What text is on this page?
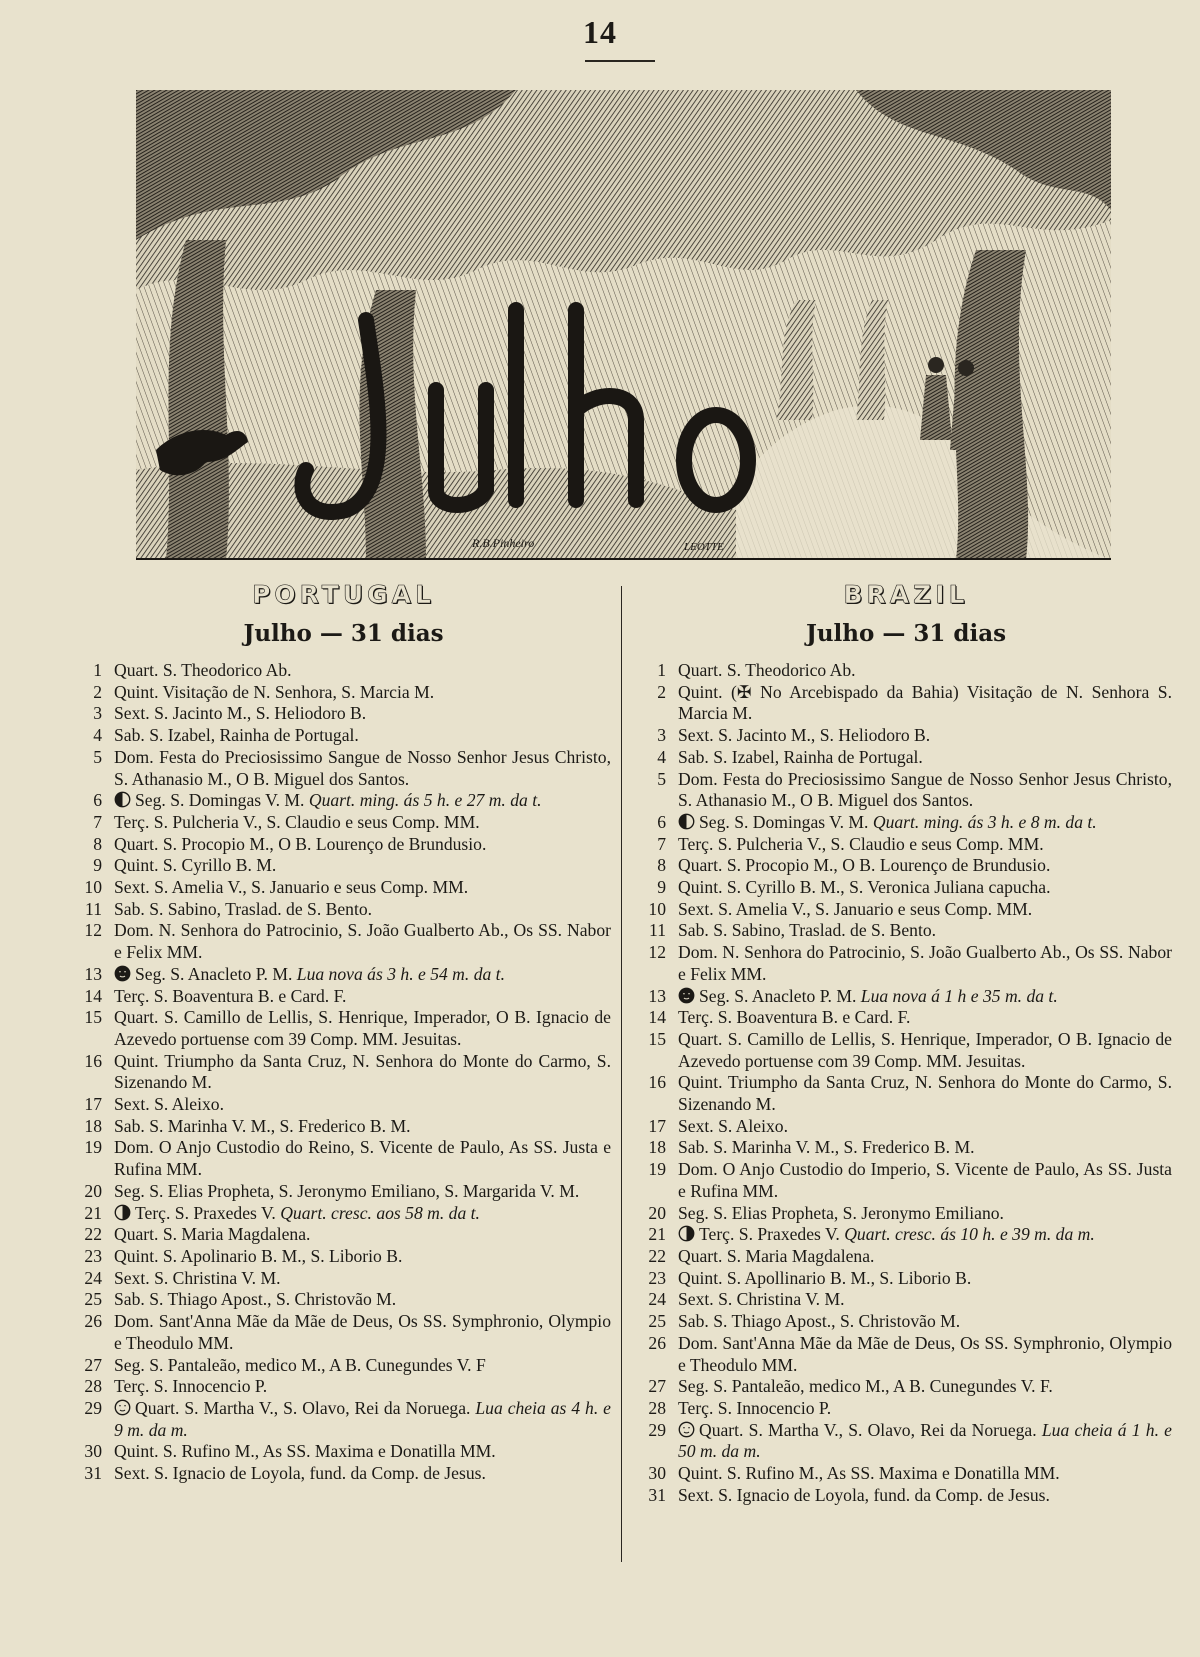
14
R.B.Pinheiro	LEOTTE
PORTUGAL
Julho — 31 dias
1 Quart. S. Theodorico Ab.
2 Quint. Visitação de N. Senhora, S. Marcia M.
3 Sext. S. Jacinto M., S. Heliodoro B.
4 Sab. S. Izabel, Rainha de Portugal.
5 Dom. Festa do Preciosissimo Sangue de Nosso Senhor Jesus Christo, S. Athanasio M., O B. Miguel dos Santos.
6 Seg. S. Domingas V. M. Quart. ming. ás 5 h. e 27 m. da t.
7 Terç. S. Pulcheria V., S. Claudio e seus Comp. MM.
8 Quart. S. Procopio M., O B. Lourenço de Brundusio.
9 Quint. S. Cyrillo B. M.
10 Sext. S. Amelia V., S. Januario e seus Comp. MM.
11 Sab. S. Sabino, Traslad. de S. Bento.
12 Dom. N. Senhora do Patrocinio, S. João Gualberto Ab., Os SS. Nabor e Felix MM.
13 Seg. S. Anacleto P. M. Lua nova ás 3 h. e 54 m. da t.
14 Terç. S. Boaventura B. e Card. F.
15 Quart. S. Camillo de Lellis, S. Henrique, Imperador, O B. Ignacio de Azevedo portuense com 39 Comp. MM. Jesuitas.
16 Quint. Triumpho da Santa Cruz, N. Senhora do Monte do Carmo, S. Sizenando M.
17 Sext. S. Aleixo.
18 Sab. S. Marinha V. M., S. Frederico B. M.
19 Dom. O Anjo Custodio do Reino, S. Vicente de Paulo, As SS. Justa e Rufina MM.
20 Seg. S. Elias Propheta, S. Jeronymo Emiliano, S. Margarida V. M.
21 Terç. S. Praxedes V. Quart. cresc. aos 58 m. da t.
22 Quart. S. Maria Magdalena.
23 Quint. S. Apolinario B. M., S. Liborio B.
24 Sext. S. Christina V. M.
25 Sab. S. Thiago Apost., S. Christovão M.
26 Dom. Sant'Anna Mãe da Mãe de Deus, Os SS. Symphronio, Olympio e Theodulo MM.
27 Seg. S. Pantaleão, medico M., A B. Cunegundes V. F
28 Terç. S. Innocencio P.
29 Quart. S. Martha V., S. Olavo, Rei da Noruega. Lua cheia as 4 h. e 9 m. da m.
30 Quint. S. Rufino M., As SS. Maxima e Donatilla MM.
31 Sext. S. Ignacio de Loyola, fund. da Comp. de Jesus.
BRAZIL
Julho — 31 dias
1 Quart. S. Theodorico Ab.
2 Quint. (✠ No Arcebispado da Bahia) Visitação de N. Senhora S. Marcia M.
3 Sext. S. Jacinto M., S. Heliodoro B.
4 Sab. S. Izabel, Rainha de Portugal.
5 Dom. Festa do Preciosissimo Sangue de Nosso Senhor Jesus Christo, S. Athanasio M., O B. Miguel dos Santos.
6 Seg. S. Domingas V. M. Quart. ming. ás 3 h. e 8 m. da t.
7 Terç. S. Pulcheria V., S. Claudio e seus Comp. MM.
8 Quart. S. Procopio M., O B. Lourenço de Brundusio.
9 Quint. S. Cyrillo B. M., S. Veronica Juliana capucha.
10 Sext. S. Amelia V., S. Januario e seus Comp. MM.
11 Sab. S. Sabino, Traslad. de S. Bento.
12 Dom. N. Senhora do Patrocinio, S. João Gualberto Ab., Os SS. Nabor e Felix MM.
13 Seg. S. Anacleto P. M. Lua nova á 1 h e 35 m. da t.
14 Terç. S. Boaventura B. e Card. F.
15 Quart. S. Camillo de Lellis, S. Henrique, Imperador, O B. Ignacio de Azevedo portuense com 39 Comp. MM. Jesuitas.
16 Quint. Triumpho da Santa Cruz, N. Senhora do Monte do Carmo, S. Sizenando M.
17 Sext. S. Aleixo.
18 Sab. S. Marinha V. M., S. Frederico B. M.
19 Dom. O Anjo Custodio do Imperio, S. Vicente de Paulo, As SS. Justa e Rufina MM.
20 Seg. S. Elias Propheta, S. Jeronymo Emiliano.
21 Terç. S. Praxedes V. Quart. cresc. ás 10 h. e 39 m. da m.
22 Quart. S. Maria Magdalena.
23 Quint. S. Apollinario B. M., S. Liborio B.
24 Sext. S. Christina V. M.
25 Sab. S. Thiago Apost., S. Christovão M.
26 Dom. Sant'Anna Mãe da Mãe de Deus, Os SS. Symphronio, Olympio e Theodulo MM.
27 Seg. S. Pantaleão, medico M., A B. Cunegundes V. F.
28 Terç. S. Innocencio P.
29 Quart. S. Martha V., S. Olavo, Rei da Noruega. Lua cheia á 1 h. e 50 m. da m.
30 Quint. S. Rufino M., As SS. Maxima e Donatilla MM.
31 Sext. S. Ignacio de Loyola, fund. da Comp. de Jesus.
